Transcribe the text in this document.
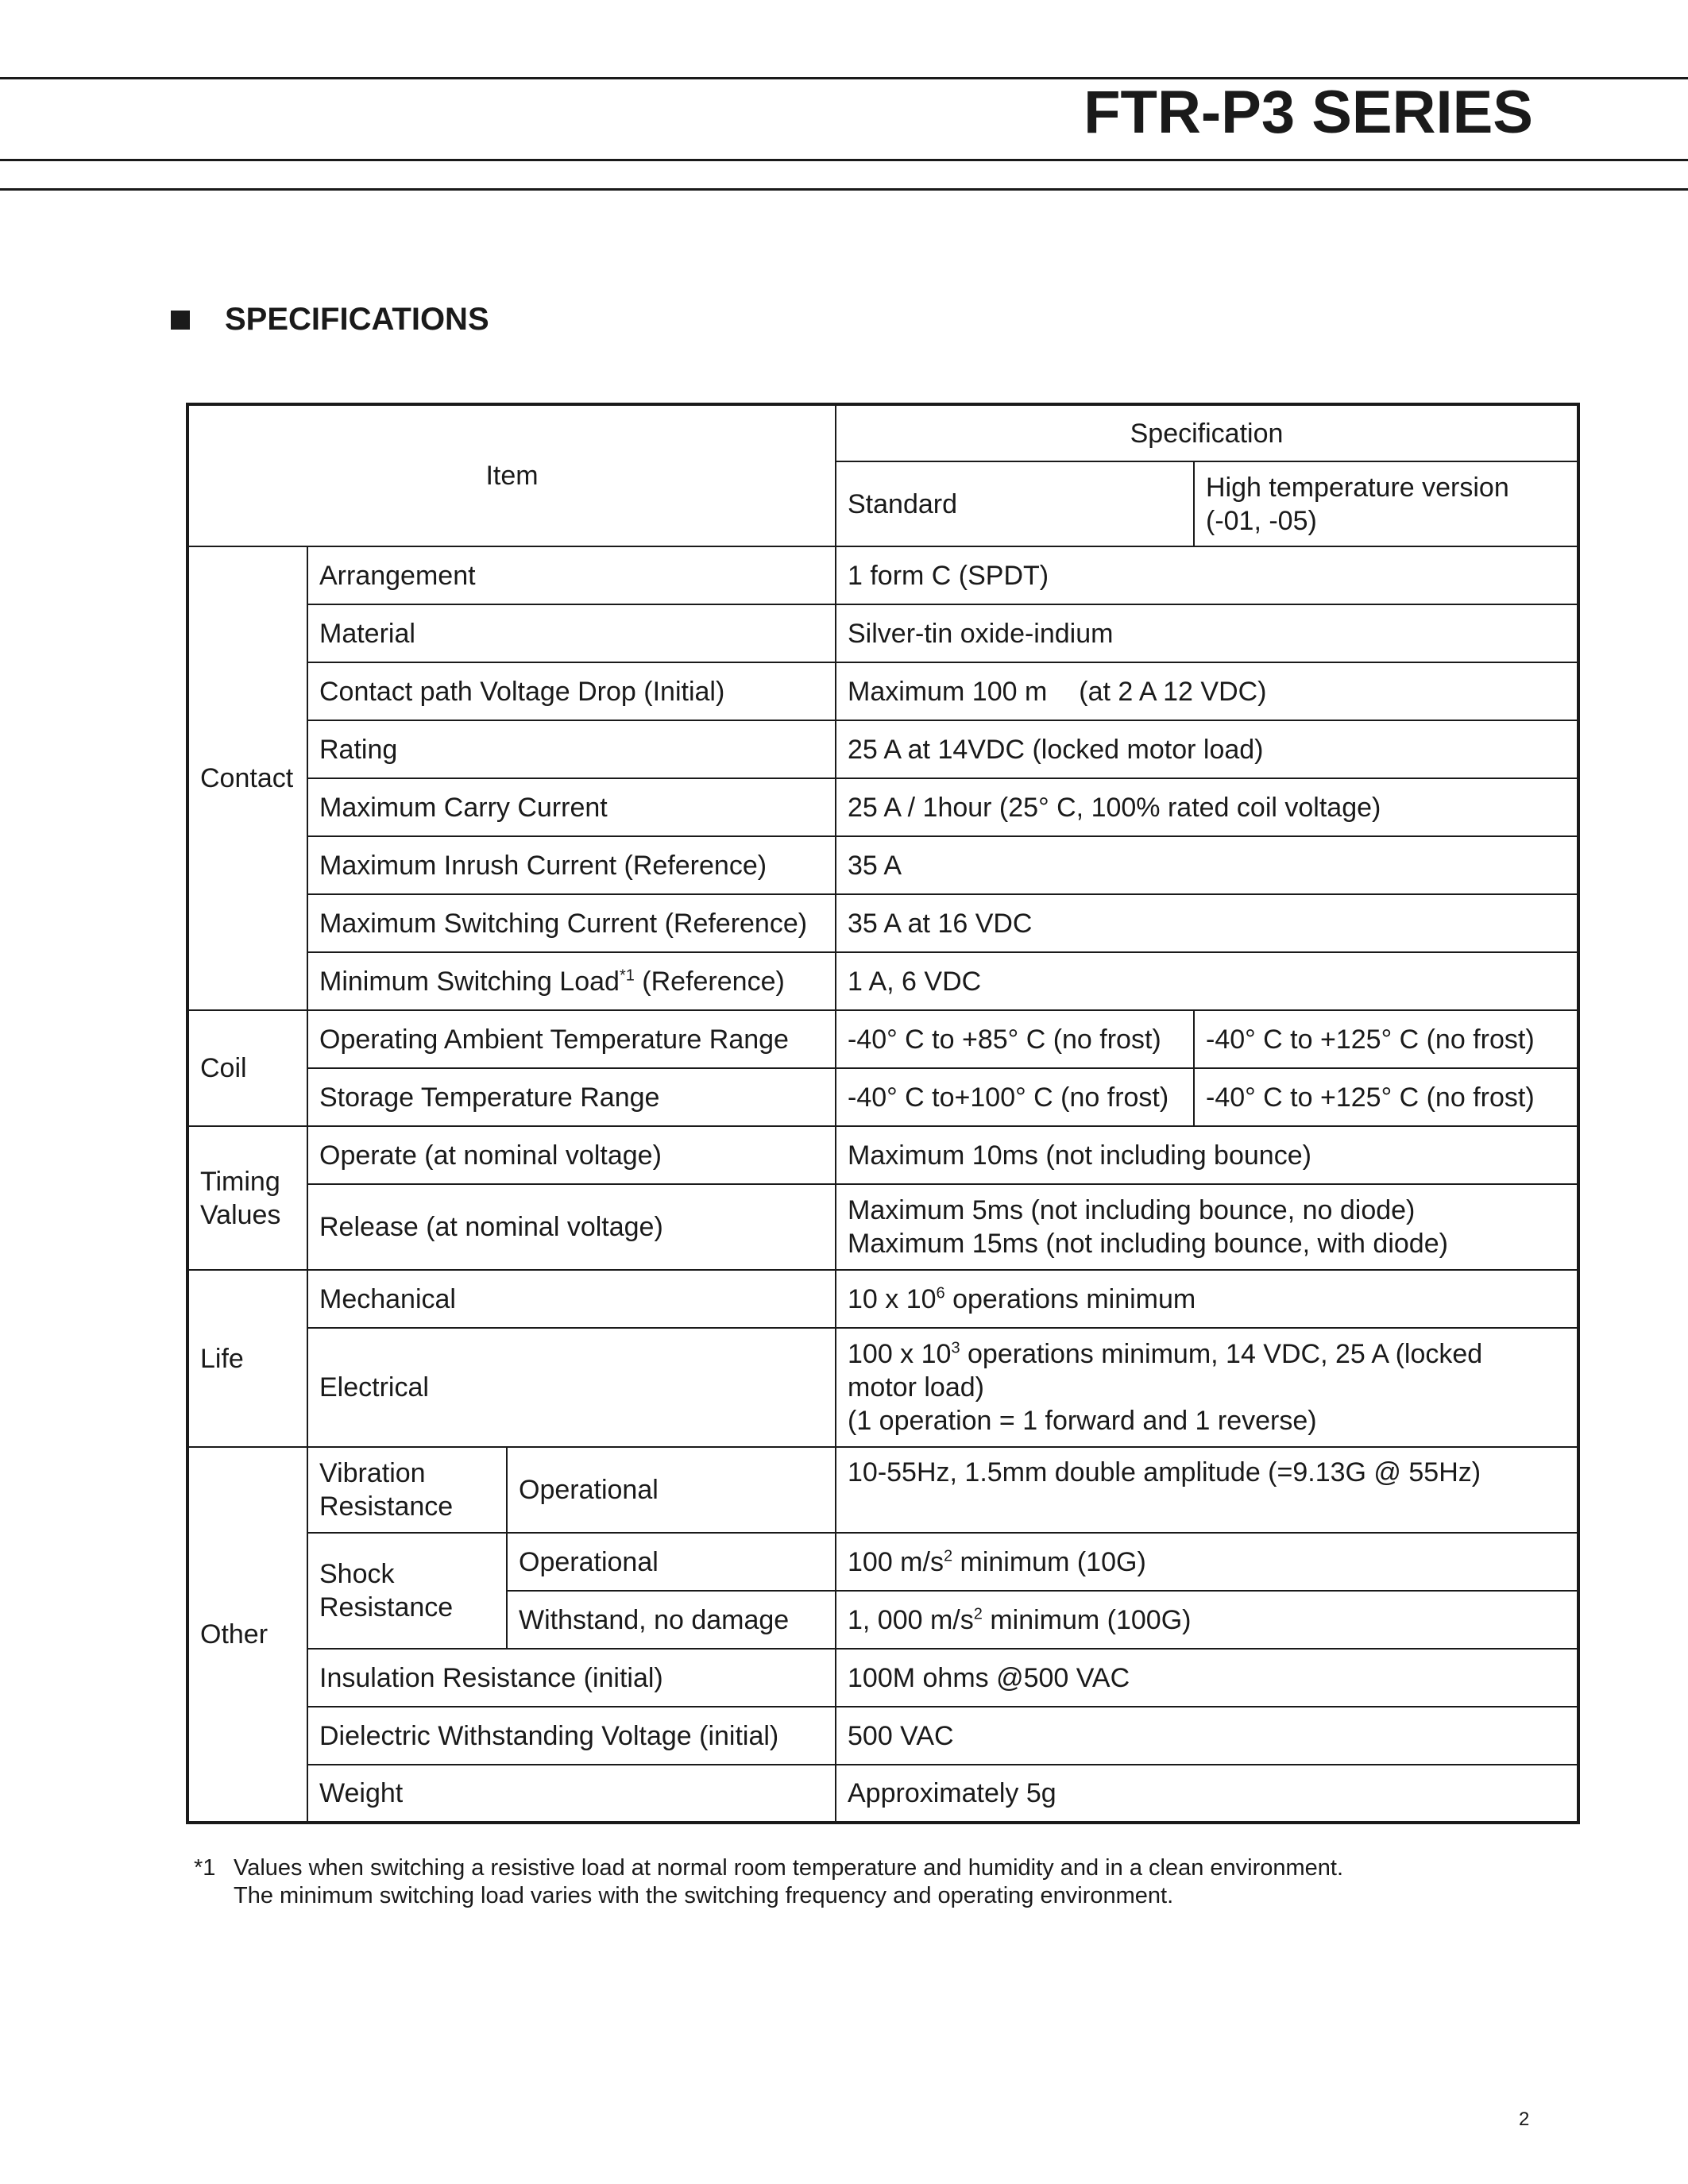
FTR-P3 SERIES
SPECIFICATIONS
Item			Specification	
			Standard	High temperature version
(-01, -05)
Contact	Arrangement		1 form C (SPDT)	
	Material		Silver-tin oxide-indium	
	Contact path Voltage Drop (Initial)		Maximum 100 m (at 2 A 12 VDC)	
	Rating		25 A at 14VDC (locked motor load)	
	Maximum Carry Current		25 A / 1hour (25° C, 100% rated coil voltage)	
	Maximum Inrush Current (Reference)		35 A	
	Maximum Switching Current (Reference)		35 A at 16 VDC	
	Minimum Switching Load$^{*1}$ (Reference)		1 A, 6 VDC	
Coil	Operating Ambient Temperature Range		-40° C to +85° C (no frost)	-40° C to +125° C (no frost)
	Storage Temperature Range		-40° C to+100° C (no frost)	-40° C to +125° C (no frost)
Timing
Values	Operate (at nominal voltage)		Maximum 10ms (not including bounce)	
	Release (at nominal voltage)		Maximum 5ms (not including bounce, no diode)
Maximum 15ms (not including bounce, with diode)	
Life	Mechanical		10 x $10^6$ operations minimum	
	Electrical		100 x $10^3$ operations minimum, 14 VDC, 25 A (locked
motor load)
(1 operation = 1 forward and 1 reverse)	
Other	Vibration
Resistance	Operational	10-55Hz, 1.5mm double amplitude (=9.13G @ 55Hz)	
	Shock
Resistance	Operational	100 $m/s^2$ minimum (10G)	
		Withstand, no damage	1, 000 $m/s^2$ minimum (100G)	
	Insulation Resistance (initial)		100M ohms @500 VAC	
	Dielectric Withstanding Voltage (initial)		500 VAC	
	Weight		Approximately 5g	
*1 Values when switching a resistive load at normal room temperature and humidity and in a clean environment.
The minimum switching load varies with the switching frequency and operating environment.
2
